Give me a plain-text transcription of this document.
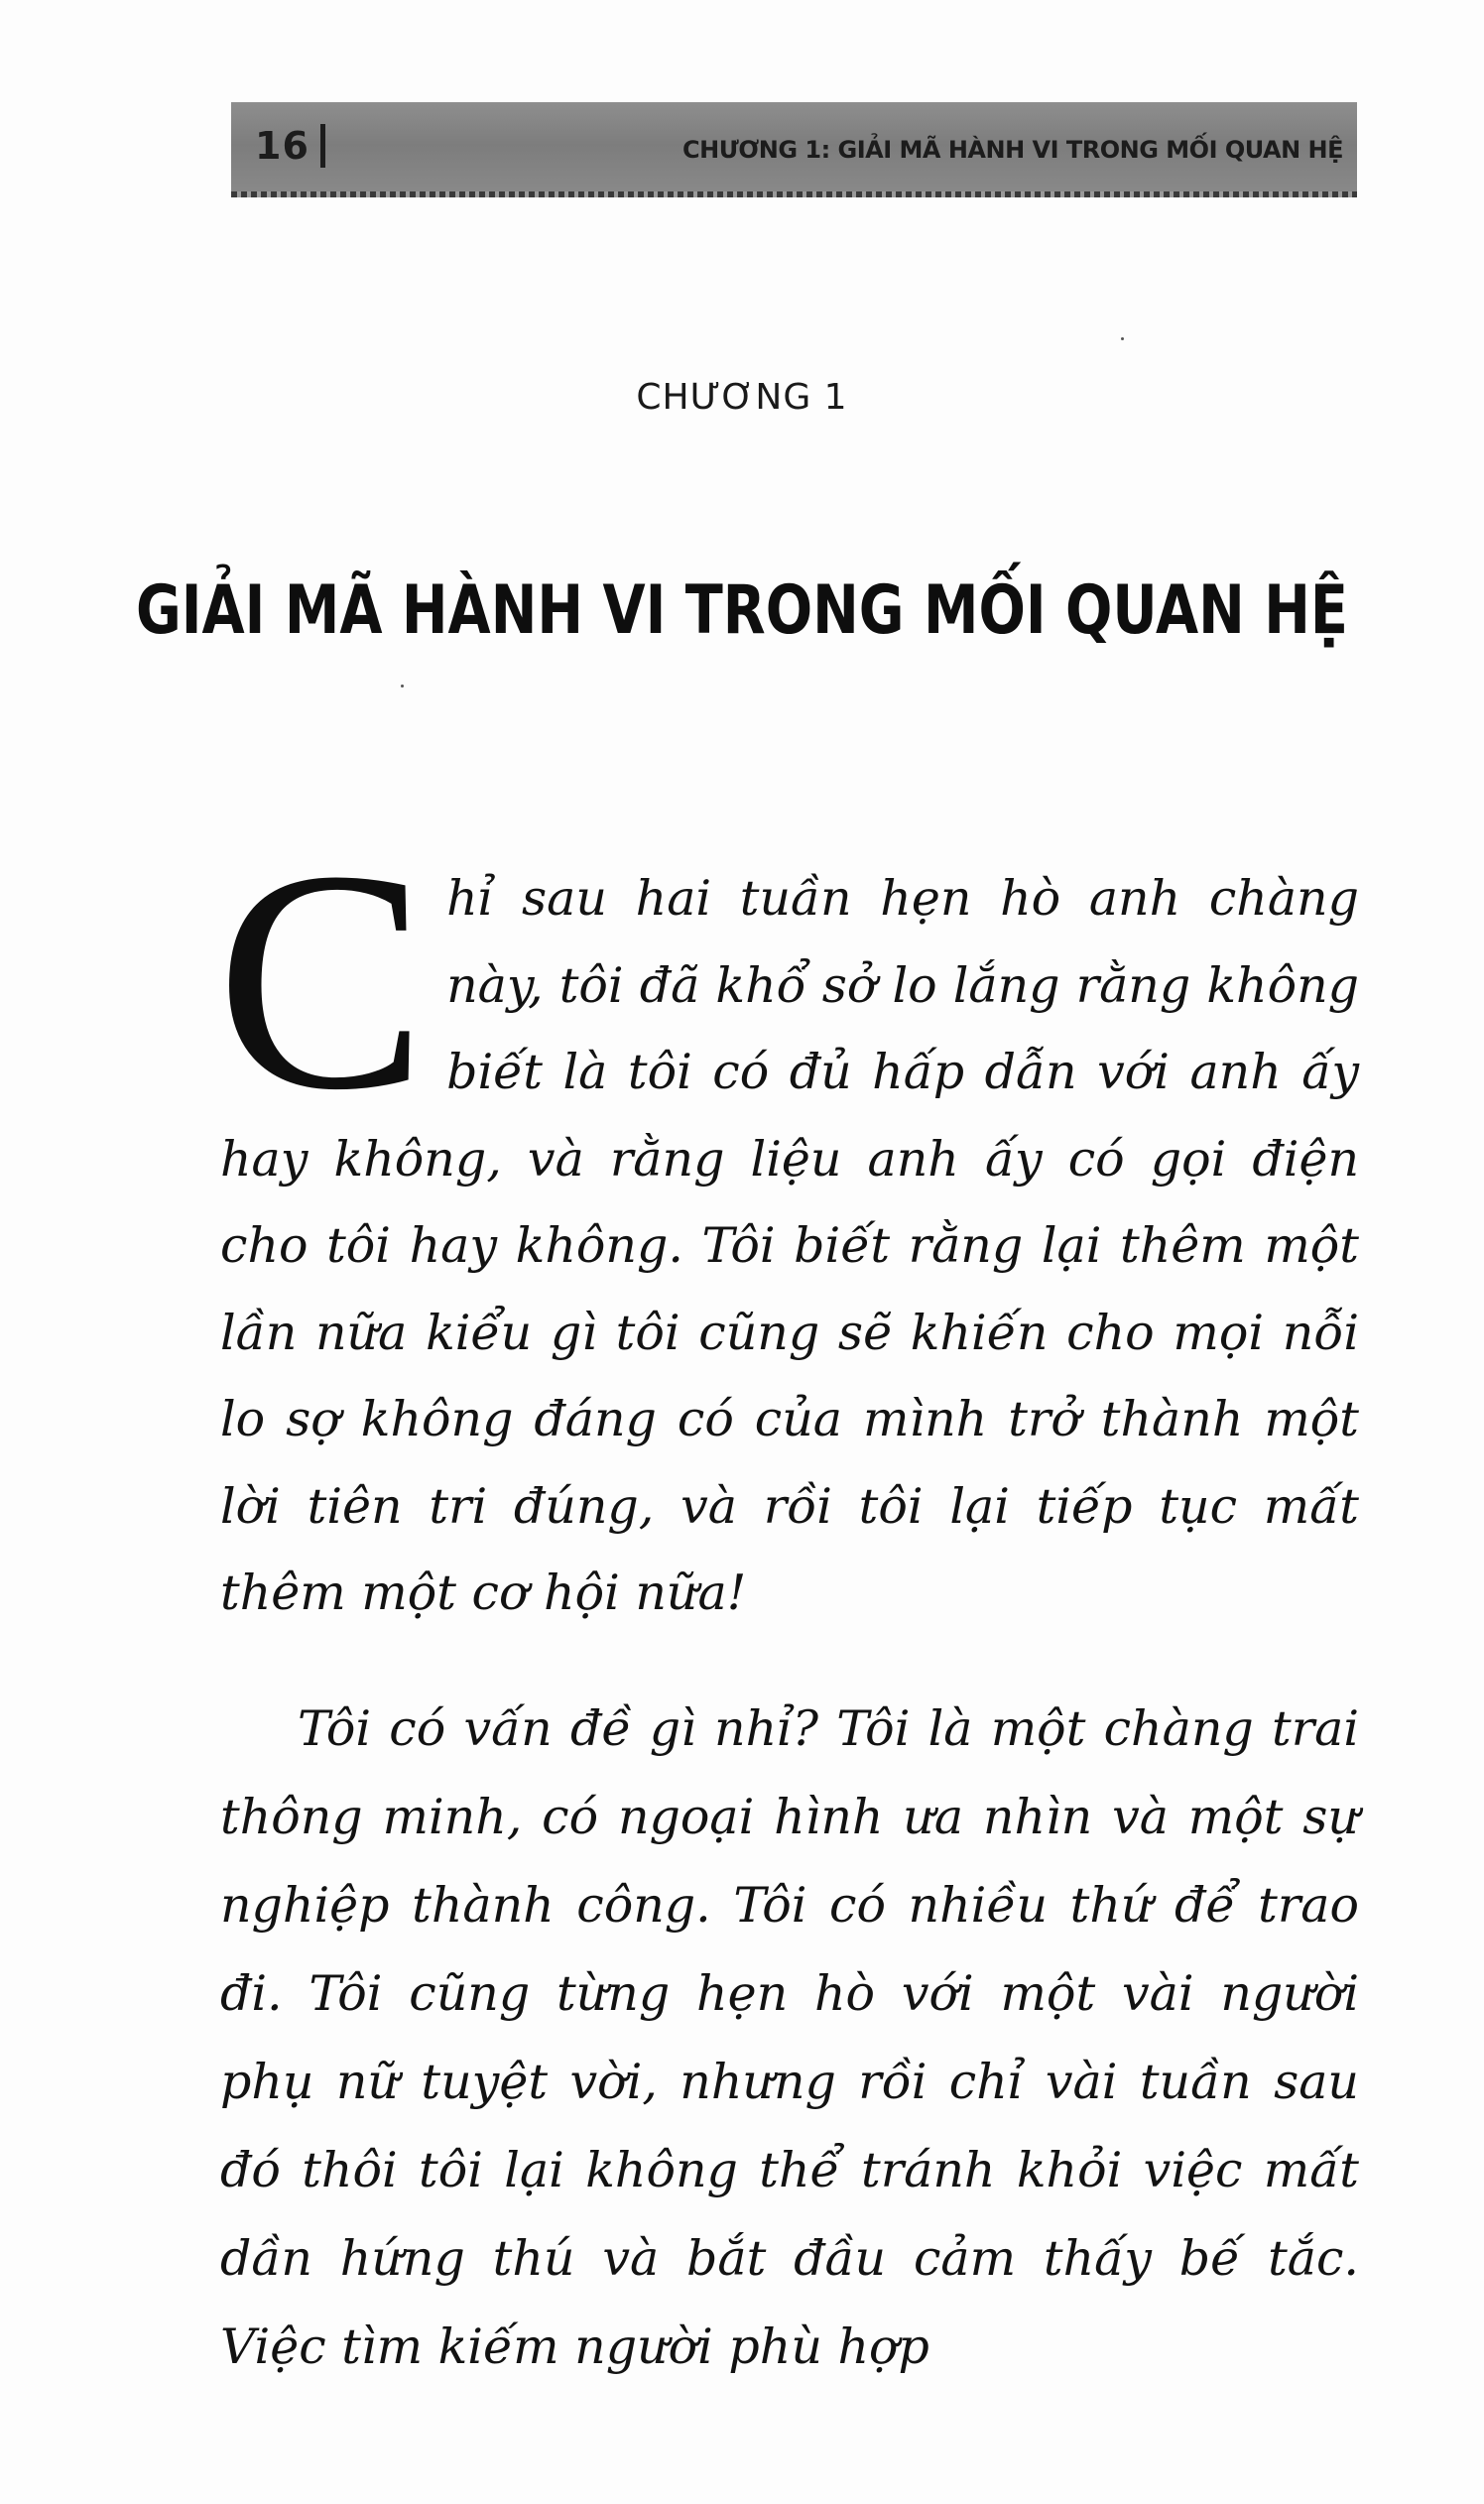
16	CHƯƠNG 1: GIẢI MÃ HÀNH VI TRONG MỐI QUAN HỆ
CHƯƠNG 1
GIẢI MÃ HÀNH VI TRONG MỐI QUAN HỆ
C hỉ sau hai tuần hẹn hò anh chàng này, tôi đã khổ sở lo lắng rằng không biết là tôi có đủ hấp dẫn với anh ấy hay không, và rằng liệu anh ấy có gọi điện cho tôi hay không. Tôi biết rằng lại thêm một lần nữa kiểu gì tôi cũng sẽ khiến cho mọi nỗi lo sợ không đáng có của mình trở thành một lời tiên tri đúng, và rồi tôi lại tiếp tục mất thêm một cơ hội nữa!
Tôi có vấn đề gì nhỉ? Tôi là một chàng trai thông minh, có ngoại hình ưa nhìn và một sự nghiệp thành công. Tôi có nhiều thứ để trao đi. Tôi cũng từng hẹn hò với một vài người phụ nữ tuyệt vời, nhưng rồi chỉ vài tuần sau đó thôi tôi lại không thể tránh khỏi việc mất dần hứng thú và bắt đầu cảm thấy bế tắc. Việc tìm kiếm người phù hợp
